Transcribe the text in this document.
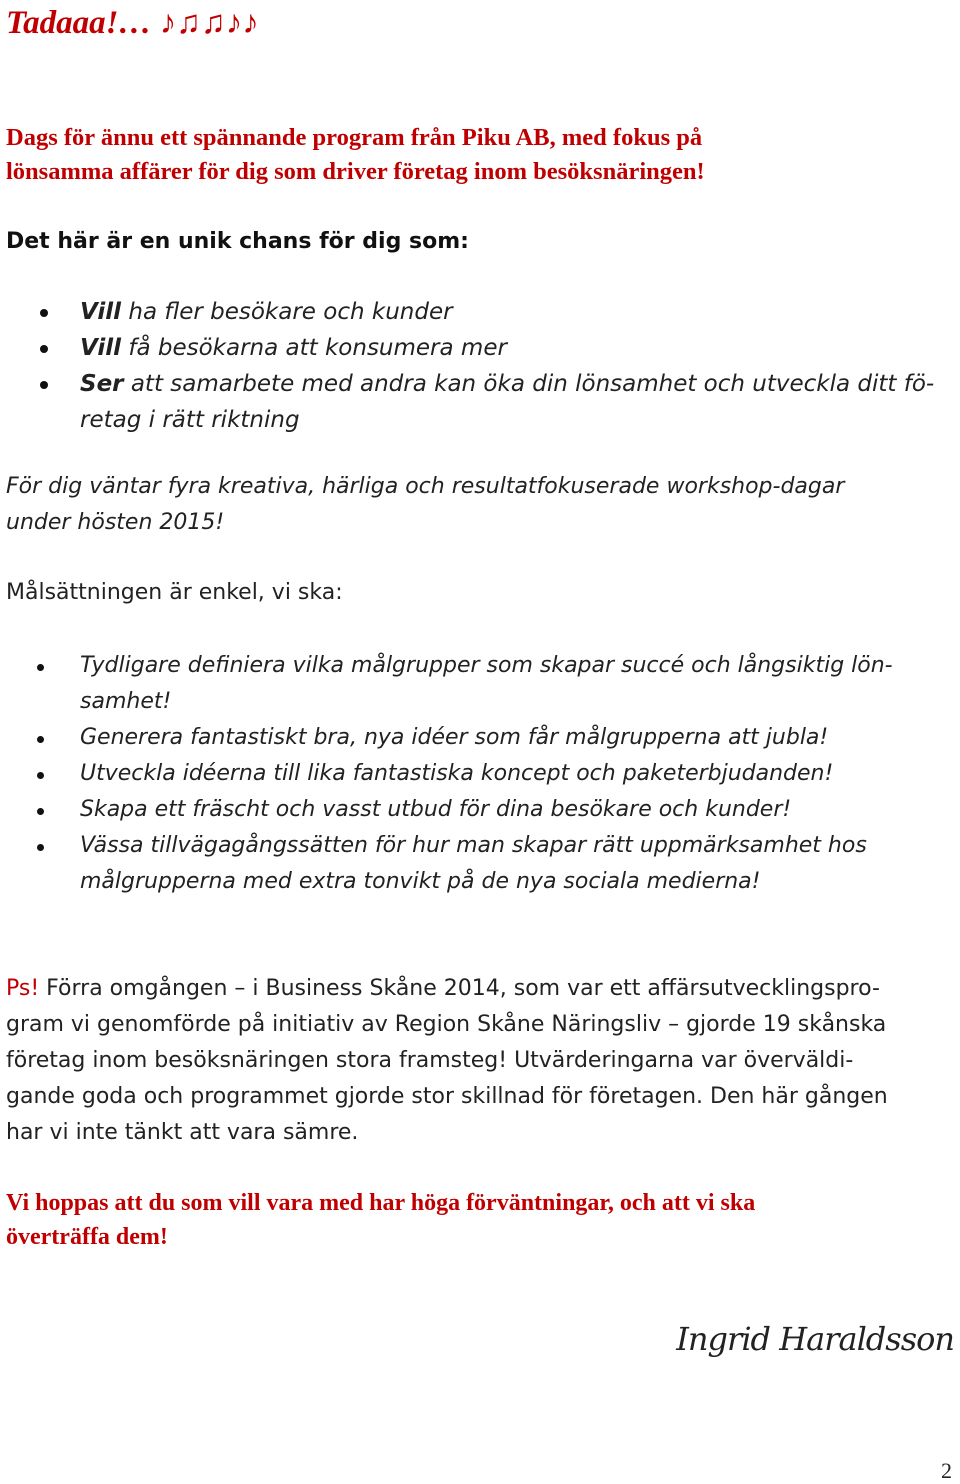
Tadaaa!… ♪♫♫♪♪
Dags för ännu ett spännande program från Piku AB, med fokus på
lönsamma affärer för dig som driver företag inom besöksnäringen!
Det här är en unik chans för dig som:
Vill ha fler besökare och kunder
Vill få besökarna att konsumera mer
Ser att samarbete med andra kan öka din lönsamhet och utveckla ditt fö-
retag i rätt riktning
För dig väntar fyra kreativa, härliga och resultatfokuserade workshop-dagar
under hösten 2015!
Målsättningen är enkel, vi ska:
Tydligare definiera vilka målgrupper som skapar succé och långsiktig lön-
samhet!
Generera fantastiskt bra, nya idéer som får målgrupperna att jubla!
Utveckla idéerna till lika fantastiska koncept och paketerbjudanden!
Skapa ett fräscht och vasst utbud för dina besökare och kunder!
Vässa tillvägagångssätten för hur man skapar rätt uppmärksamhet hos
målgrupperna med extra tonvikt på de nya sociala medierna!
Ps! Förra omgången – i Business Skåne 2014, som var ett affärsutvecklingspro-
gram vi genomförde på initiativ av Region Skåne Näringsliv – gjorde 19 skånska
företag inom besöksnäringen stora framsteg! Utvärderingarna var överväldi-
gande goda och programmet gjorde stor skillnad för företagen. Den här gången
har vi inte tänkt att vara sämre.
Vi hoppas att du som vill vara med har höga förväntningar, och att vi ska
överträffa dem!
Ingrid Haraldsson
2
